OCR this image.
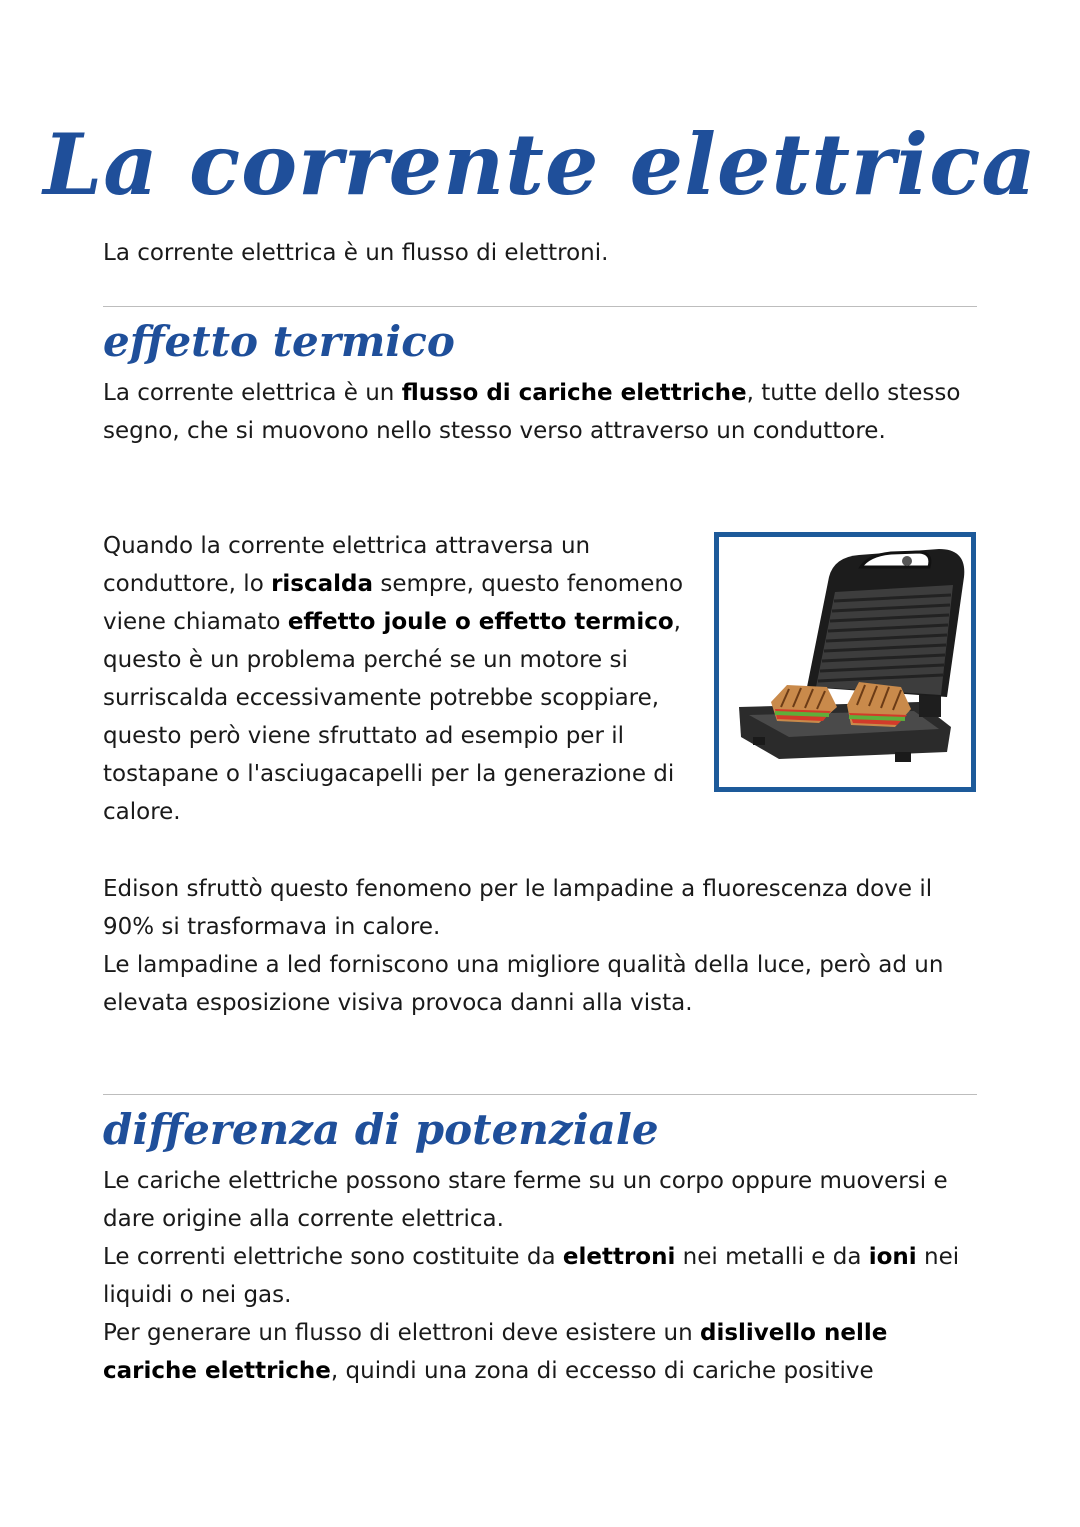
La corrente elettrica

La corrente elettrica è un flusso di elettroni.

effetto termico

La corrente elettrica è un flusso di cariche elettriche, tutte dello stesso segno, che si muovono nello stesso verso attraverso un conduttore.

Quando la corrente elettrica attraversa un conduttore, lo riscalda sempre, questo fenomeno viene chiamato effetto joule o effetto termico, questo è un problema perché se un motore si surriscalda eccessivamente potrebbe scoppiare, questo però viene sfruttato ad esempio per il tostapane o l'asciugacapelli per la generazione di calore.

Edison sfruttò questo fenomeno per le lampadine a fluorescenza dove il 90% si trasformava in calore.
Le lampadine a led forniscono una migliore qualità della luce, però ad un elevata esposizione visiva provoca danni alla vista.

differenza di potenziale

Le cariche elettriche possono stare ferme su un corpo oppure muoversi e dare origine alla corrente elettrica.
Le correnti elettriche sono costituite da elettroni nei metalli e da ioni nei liquidi o nei gas.
Per generare un flusso di elettroni deve esistere un dislivello nelle cariche elettriche, quindi una zona di eccesso di cariche positive
